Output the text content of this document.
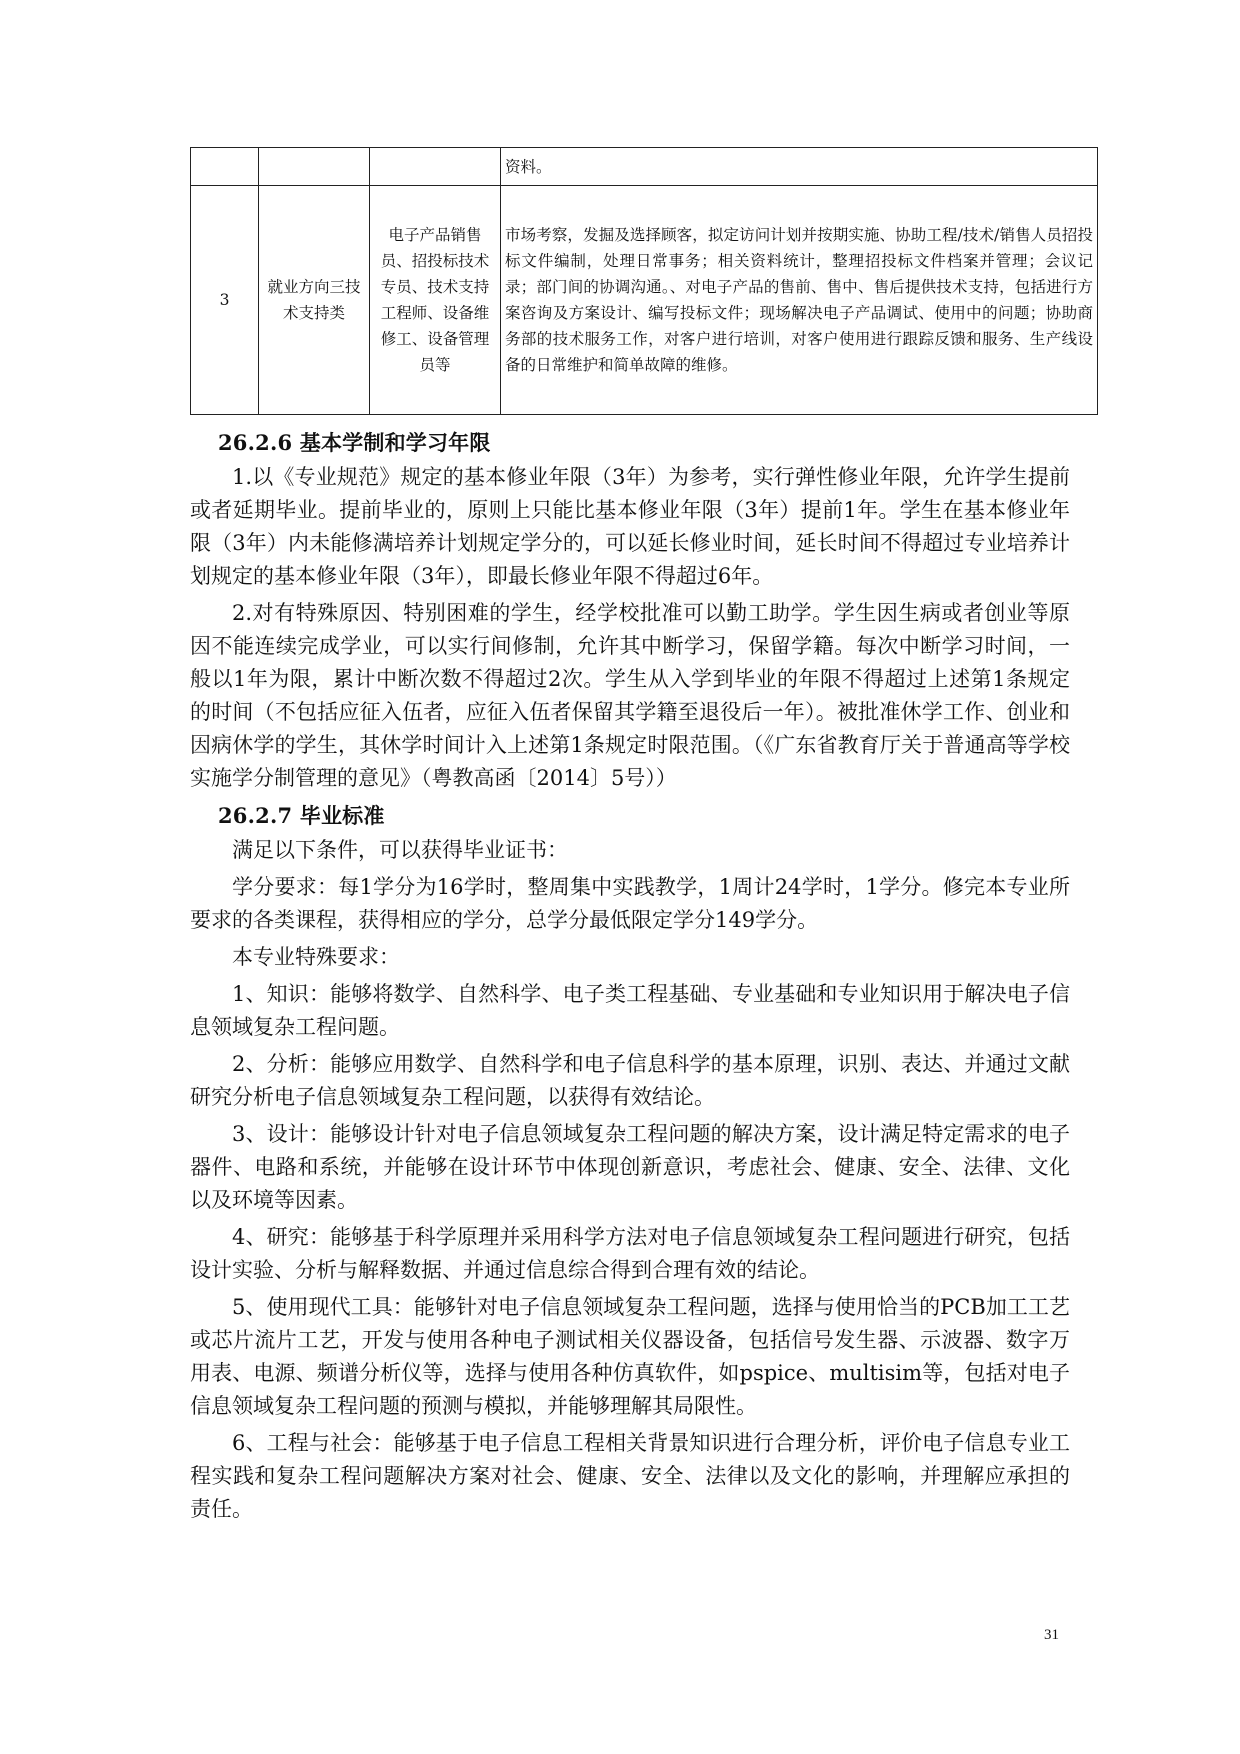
			资料。

3	就业方向三技术支持类	电子产品销售员、招投标技术专员、技术支持工程师、设备维修工、设备管理员等	市场考察，发掘及选择顾客，拟定访问计划并按期实施、协助工程/技术/销售人员招投标文件编制，处理日常事务；相关资料统计，整理招投标文件档案并管理；会议记录；部门间的协调沟通。、对电子产品的售前、售中、售后提供技术支持，包括进行方案咨询及方案设计、编写投标文件；现场解决电子产品调试、使用中的问题；协助商务部的技术服务工作，对客户进行培训，对客户使用进行跟踪反馈和服务、生产线设备的日常维护和简单故障的维修。
26.2.6 基本学制和学习年限

1.以《专业规范》规定的基本修业年限（3年）为参考，实行弹性修业年限，允许学生提前或者延期毕业。提前毕业的，原则上只能比基本修业年限（3年）提前1年。学生在基本修业年限（3年）内未能修满培养计划规定学分的，可以延长修业时间，延长时间不得超过专业培养计划规定的基本修业年限（3年），即最长修业年限不得超过6年。

2.对有特殊原因、特别困难的学生，经学校批准可以勤工助学。学生因生病或者创业等原因不能连续完成学业，可以实行间修制，允许其中断学习，保留学籍。每次中断学习时间，一般以1年为限，累计中断次数不得超过2次。学生从入学到毕业的年限不得超过上述第1条规定的时间（不包括应征入伍者，应征入伍者保留其学籍至退役后一年）。被批准休学工作、创业和因病休学的学生，其休学时间计入上述第1条规定时限范围。（《广东省教育厅关于普通高等学校实施学分制管理的意见》（粤教高函〔2014〕5号））

26.2.7 毕业标准

满足以下条件，可以获得毕业证书：

学分要求：每1学分为16学时，整周集中实践教学，1周计24学时，1学分。修完本专业所要求的各类课程，获得相应的学分，总学分最低限定学分149学分。

本专业特殊要求：

1、知识：能够将数学、自然科学、电子类工程基础、专业基础和专业知识用于解决电子信息领域复杂工程问题。

2、分析：能够应用数学、自然科学和电子信息科学的基本原理，识别、表达、并通过文献研究分析电子信息领域复杂工程问题，以获得有效结论。

3、设计：能够设计针对电子信息领域复杂工程问题的解决方案，设计满足特定需求的电子器件、电路和系统，并能够在设计环节中体现创新意识，考虑社会、健康、安全、法律、文化以及环境等因素。

4、研究：能够基于科学原理并采用科学方法对电子信息领域复杂工程问题进行研究，包括设计实验、分析与解释数据、并通过信息综合得到合理有效的结论。

5、使用现代工具：能够针对电子信息领域复杂工程问题，选择与使用恰当的PCB加工工艺或芯片流片工艺，开发与使用各种电子测试相关仪器设备，包括信号发生器、示波器、数字万用表、电源、频谱分析仪等，选择与使用各种仿真软件，如pspice、multisim等，包括对电子信息领域复杂工程问题的预测与模拟，并能够理解其局限性。

6、工程与社会：能够基于电子信息工程相关背景知识进行合理分析，评价电子信息专业工程实践和复杂工程问题解决方案对社会、健康、安全、法律以及文化的影响，并理解应承担的责任。

31
